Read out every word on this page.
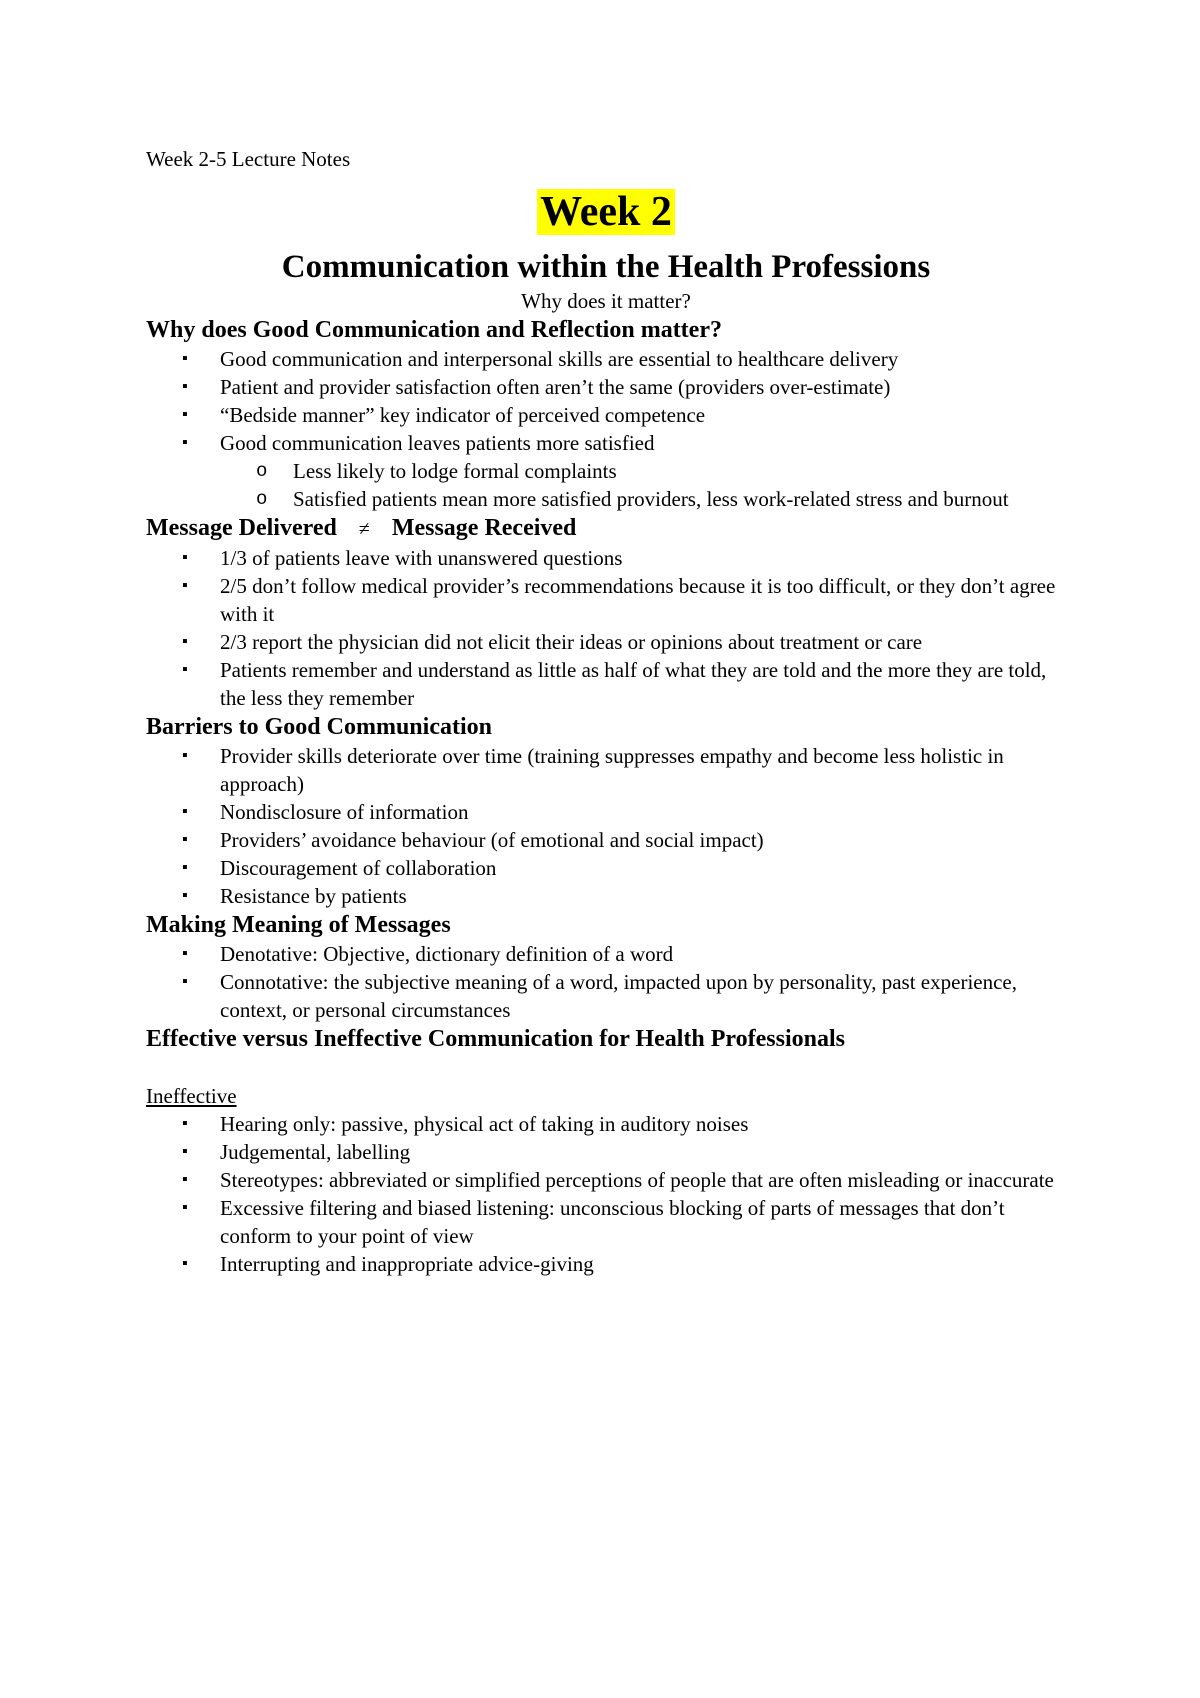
Week 2-5 Lecture Notes
Week 2
Communication within the Health Professions
Why does it matter?
Why does Good Communication and Reflection matter?
▪ Good communication and interpersonal skills are essential to healthcare delivery
▪ Patient and provider satisfaction often aren’t the same (providers over-estimate)
▪ “Bedside manner” key indicator of perceived competence
▪ Good communication leaves patients more satisfied
o Less likely to lodge formal complaints
o Satisfied patients mean more satisfied providers, less work-related stress and burnout
Message Delivered ≠ Message Received
▪ 1/3 of patients leave with unanswered questions
▪ 2/5 don’t follow medical provider’s recommendations because it is too difficult, or they don’t agree with it
▪ 2/3 report the physician did not elicit their ideas or opinions about treatment or care
▪ Patients remember and understand as little as half of what they are told and the more they are told, the less they remember
Barriers to Good Communication
▪ Provider skills deteriorate over time (training suppresses empathy and become less holistic in approach)
▪ Nondisclosure of information
▪ Providers’ avoidance behaviour (of emotional and social impact)
▪ Discouragement of collaboration
▪ Resistance by patients
Making Meaning of Messages
▪ Denotative: Objective, dictionary definition of a word
▪ Connotative: the subjective meaning of a word, impacted upon by personality, past experience, context, or personal circumstances
Effective versus Ineffective Communication for Health Professionals
Ineffective
▪ Hearing only: passive, physical act of taking in auditory noises
▪ Judgemental, labelling
▪ Stereotypes: abbreviated or simplified perceptions of people that are often misleading or inaccurate
▪ Excessive filtering and biased listening: unconscious blocking of parts of messages that don’t conform to your point of view
▪ Interrupting and inappropriate advice-giving
